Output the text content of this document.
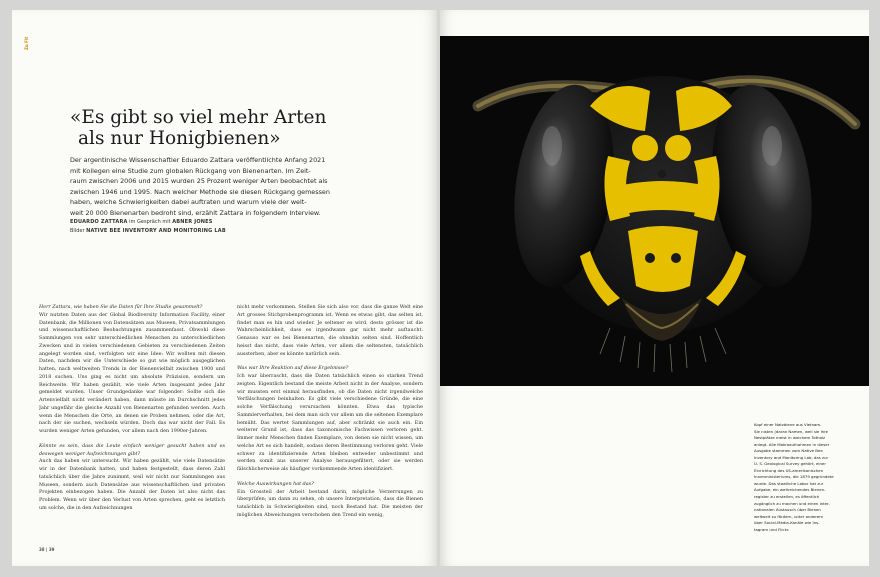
Zu Fit
«Es gibt so viel mehr Arten
als nur Honigbienen»
Der argentinische Wissenschaftler Eduardo Zattara veröffentlichte Anfang 2021
mit Kollegen eine Studie zum globalen Rückgang von Bienenarten. Im Zeit-
raum zwischen 2006 und 2015 wurden 25 Prozent weniger Arten beobachtet als
zwischen 1946 und 1995. Nach welcher Methode sie diesen Rückgang gemessen
haben, welche Schwierigkeiten dabei auftraten und warum viele der welt-
weit 20 000 Bienenarten bedroht sind, erzählt Zattara in folgendem Interview.
EDUARDO ZATTARA im Gespräch mit ABNER JONES
Bilder NATIVE BEE INVENTORY AND MONITORING LAB
Herr Zattara, wie haben Sie die Daten für Ihre Studie gesammelt?
Wir nutzten Daten aus der Global Biodiversity Information Facility, einer Datenbank, die Millionen von Datensätzen aus Museen, Privatsammlungen und wissenschaftlichen Beobachtungen zusammenfasst. Obwohl diese Sammlungen von sehr unterschiedlichen Menschen zu unterschiedlichen Zwecken und in vielen verschiedenen Gebieten zu verschiedenen Zeiten angelegt worden sind, verfolgten wir eine Idee: Wir wollten mit diesen Daten, nachdem wir die Unterschiede so gut wie möglich ausgeglichen hatten, nach weltweiten Trends in der Bienenvielfalt zwischen 1900 und 2018 suchen. Uns ging es nicht um absolute Präzision, sondern um Reichweite. Wir haben gezählt, wie viele Arten insgesamt jedes Jahr gemeldet wurden. Unser Grundgedanke war folgender: Sollte sich die Artenvielfalt nicht verändert haben, dann müsste im Durchschnitt jedes Jahr ungefähr die gleiche Anzahl von Bienenarten gefunden werden. Auch wenn die Menschen die Orte, an denen sie Proben nehmen, oder die Art, nach der sie suchen, wechseln würden. Doch das war nicht der Fall. Es wurden weniger Arten gefunden, vor allem nach den 1990er-Jahren.
Könnte es sein, dass die Leute einfach weniger gesucht haben und es deswegen weniger Aufzeichnungen gibt?
Auch das haben wir untersucht. Wir haben gezählt, wie viele Datensätze wir in der Datenbank hatten, und haben festgestellt, dass deren Zahl tatsächlich über die Jahre zunimmt, weil wir nicht nur Sammlungen aus Museen, sondern auch Datensätze aus wissenschaftlichen und privaten Projekten einbezogen haben. Die Anzahl der Daten ist also nicht das Problem. Wenn wir über den Verlust von Arten sprechen, geht es letztlich um solche, die in den Aufzeichnungen
nicht mehr vorkommen. Stellen Sie sich also vor, dass die ganze Welt eine Art grosses Stichprobenprogramm ist. Wenn es etwas gibt, das selten ist, findet man es hin und wieder. Je seltener es wird, desto grösser ist die Wahrscheinlichkeit, dass es irgendwann gar nicht mehr auftaucht. Genauso war es bei Bienenarten, die ohnehin selten sind. Hoffentlich heisst das nicht, dass viele Arten, vor allem die seltensten, tatsächlich aussterben, aber es könnte natürlich sein.
Was war Ihre Reaktion auf diese Ergebnisse?
Ich war überrascht, dass die Daten tatsächlich einen so starken Trend zeigten. Eigentlich bestand die meiste Arbeit nicht in der Analyse, sondern wir mussten erst einmal herausfinden, ob die Daten nicht irgendwelche Verfälschungen beinhalten. Es gibt viele verschiedene Gründe, die eine solche Verfälschung verursachen könnten. Etwa das typische Sammlerverhalten, bei dem man sich vor allem um die seltenen Exemplare bemüht. Das wertet Sammlungen auf, aber schränkt sie auch ein. Ein weiterer Grund ist, dass das taxonomische Fachwissen verloren geht. Immer mehr Menschen finden Exemplare, von denen sie nicht wissen, um welche Art es sich handelt, sodass deren Bestimmung verloren geht. Viele schwer zu identifizierende Arten bleiben entweder unbestimmt und werden somit aus unserer Analyse herausgefiltert, oder sie werden fälschlicherweise als häufiger vorkommende Arten identifiziert.
Welche Auswirkungen hat das?
Ein Grossteil der Arbeit bestand darin, mögliche Verzerrungen zu überprüfen; um dann zu sehen, ob unsere Interpretation, dass die Bienen tatsächlich in Schwierigkeiten sind, noch Bestand hat. Die meisten der möglichen Abweichungen verschoben den Trend ein wenig,
38 | 39
Kopf einer Natzbiene aus Vietnam.
Sie nisten (daran Namen, weil sie ihre
Nestplätze meist in weichem Totholz
anlegt. Alle Makroaufnahmen in dieser
Ausgabe stammen vom Native Bee
Inventory and Monitoring Lab, das zur
U. S. Geological Survey gehört, einer
Einrichtung des US-amerikanischen
Innenministeriums, die 1879 gegründete
wurde. Das staatliche Labor hat zur
Aufgabe, ein weitreichendes Bienen-
register zu erstellen, es öffentlich
zugänglich zu machen und einen inter-
nationalen Austausch über Bienen
weltweit zu fördern, unter anderem
über Social-Media-Kanäle wie Ins-
tagram und Flickr.
